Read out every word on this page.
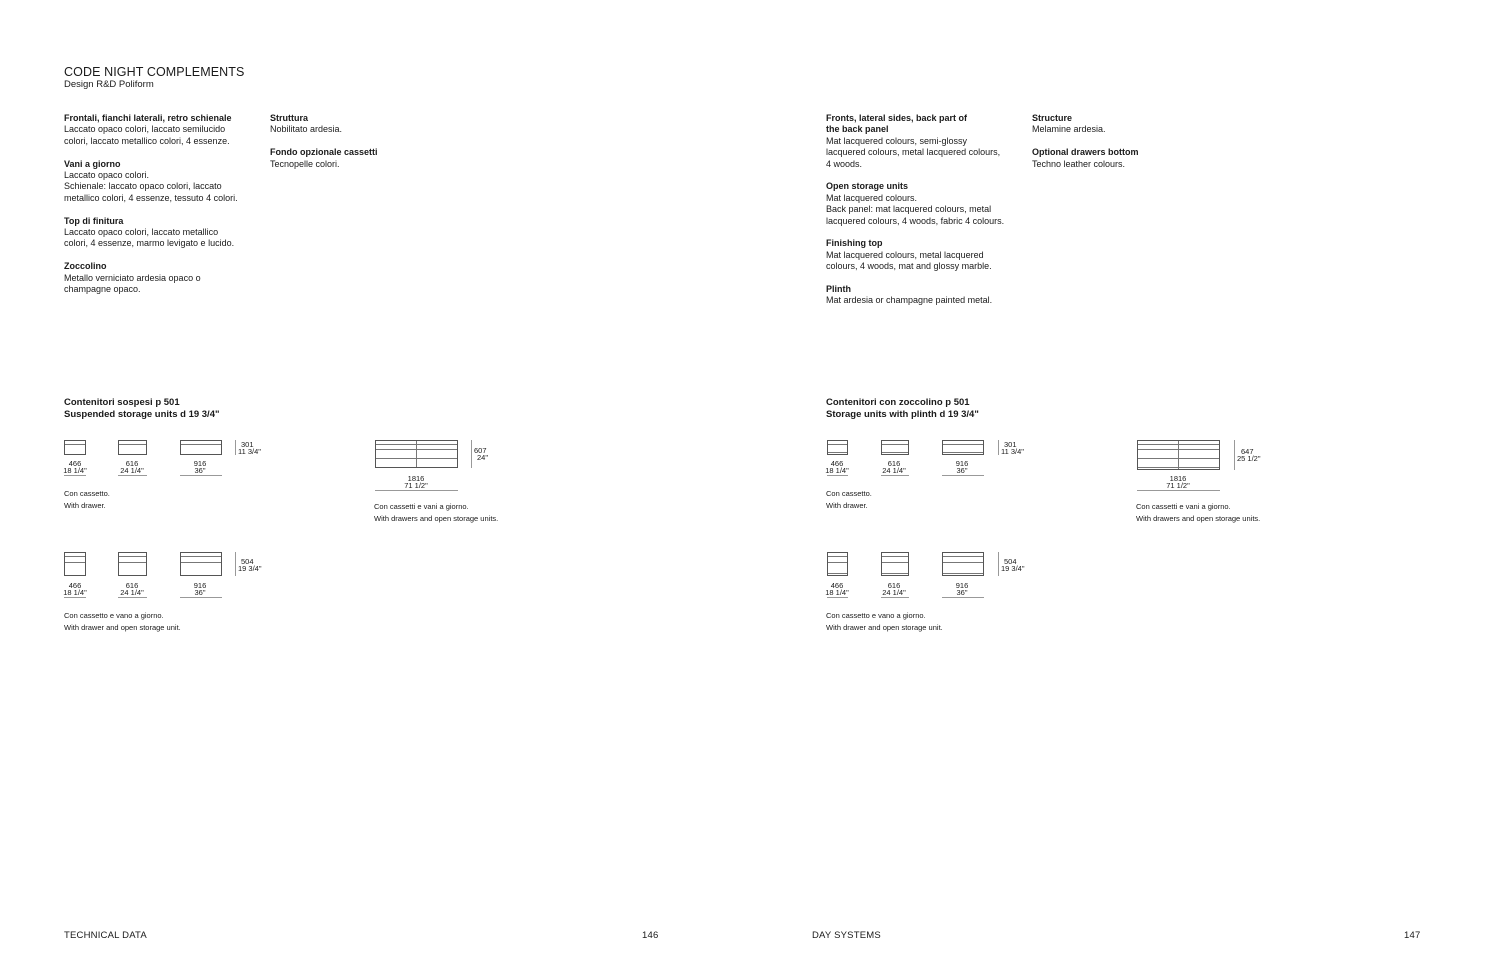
CODE NIGHT COMPLEMENTS
Design R&D Poliform
Frontali, fianchi laterali, retro schienale
Laccato opaco colori, laccato semilucido
colori, laccato metallico colori, 4 essenze.
Vani a giorno
Laccato opaco colori.
Schienale: laccato opaco colori, laccato
metallico colori, 4 essenze, tessuto 4 colori.
Top di finitura
Laccato opaco colori, laccato metallico
colori, 4 essenze, marmo levigato e lucido.
Zoccolino
Metallo verniciato ardesia opaco o
champagne opaco.
Struttura
Nobilitato ardesia.
Fondo opzionale cassetti
Tecnopelle colori.
Contenitori sospesi p 501
Suspended storage units d 19 3/4"
301
11 3/4"
466
18 1/4"
616
24 1/4"
916
36"
Con cassetto.
With drawer.
607
24"
1816
71 1/2"
Con cassetti e vani a giorno.
With drawers and open storage units.
504
19 3/4"
466
18 1/4"
616
24 1/4"
916
36"
Con cassetto e vano a giorno.
With drawer and open storage unit.
Fronts, lateral sides, back part of
the back panel
Mat lacquered colours, semi-glossy
lacquered colours, metal lacquered colours,
4 woods.
Open storage units
Mat lacquered colours.
Back panel: mat lacquered colours, metal
lacquered colours, 4 woods, fabric 4 colours.
Finishing top
Mat lacquered colours, metal lacquered
colours, 4 woods, mat and glossy marble.
Plinth
Mat ardesia or champagne painted metal.
Structure
Melamine ardesia.
Optional drawers bottom
Techno leather colours.
Contenitori con zoccolino p 501
Storage units with plinth d 19 3/4"
301
11 3/4"
466
18 1/4"
616
24 1/4"
916
36"
Con cassetto.
With drawer.
647
25 1/2"
1816
71 1/2"
Con cassetti e vani a giorno.
With drawers and open storage units.
504
19 3/4"
466
18 1/4"
616
24 1/4"
916
36"
Con cassetto e vano a giorno.
With drawer and open storage unit.
TECHNICAL DATA	146	DAY SYSTEMS	147
